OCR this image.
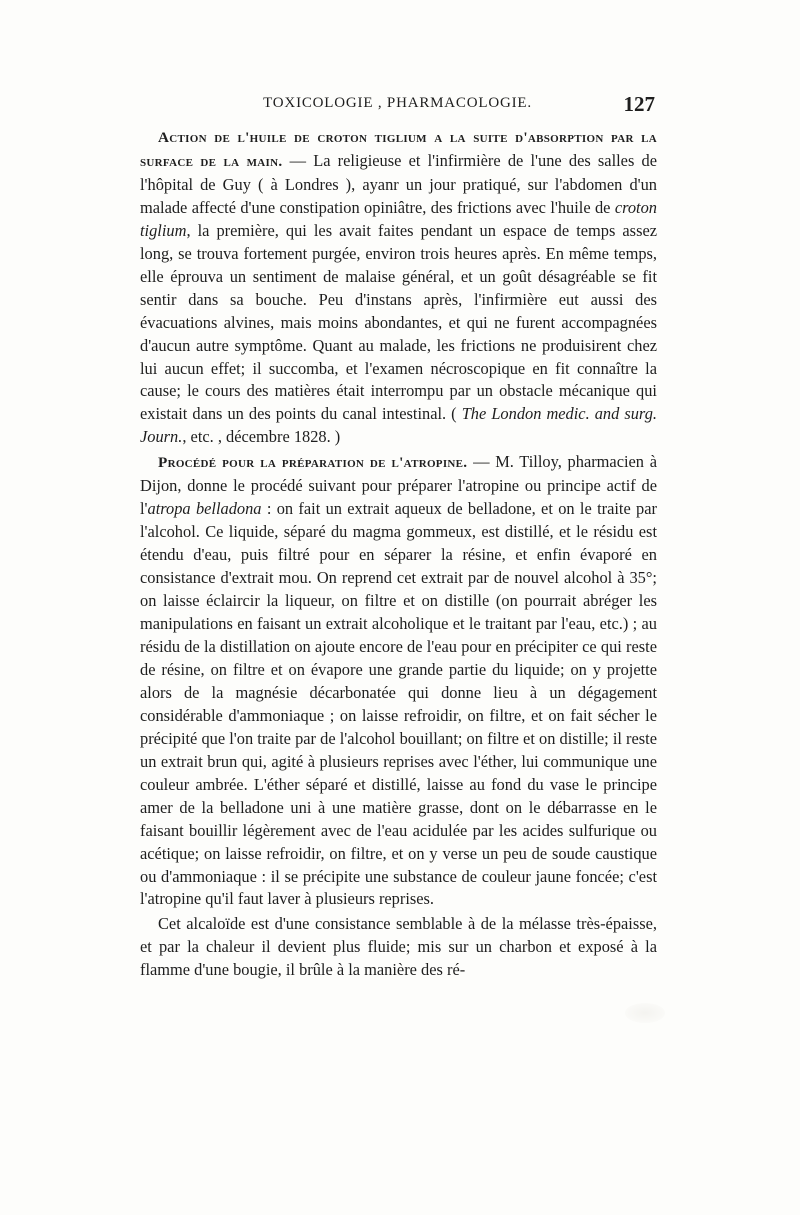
TOXICOLOGIE , PHARMACOLOGIE.	127

Action de l'huile de croton tiglium a la suite d'absorption par la surface de la main. — La religieuse et l'infirmière de l'une des salles de l'hôpital de Guy ( à Londres ), ayanr un jour pratiqué, sur l'abdomen d'un malade affecté d'une constipation opiniâtre, des frictions avec l'huile de croton tiglium, la première, qui les avait faites pendant un espace de temps assez long, se trouva fortement purgée, environ trois heures après. En même temps, elle éprouva un sentiment de malaise général, et un goût désagréable se fit sentir dans sa bouche. Peu d'instans après, l'infirmière eut aussi des évacuations alvines, mais moins abondantes, et qui ne furent accompagnées d'aucun autre symptôme. Quant au malade, les frictions ne produisirent chez lui aucun effet; il succomba, et l'examen nécroscopique en fit connaître la cause; le cours des matières était interrompu par un obstacle mécanique qui existait dans un des points du canal intestinal. ( The London medic. and surg. Journ., etc. , décembre 1828. )

Procédé pour la préparation de l'atropine. — M. Tilloy, pharmacien à Dijon, donne le procédé suivant pour préparer l'atropine ou principe actif de l'atropa belladona : on fait un extrait aqueux de belladone, et on le traite par l'alcohol. Ce liquide, séparé du magma gommeux, est distillé, et le résidu est étendu d'eau, puis filtré pour en séparer la résine, et enfin évaporé en consistance d'extrait mou. On reprend cet extrait par de nouvel alcohol à 35°; on laisse éclaircir la liqueur, on filtre et on distille (on pourrait abréger les manipulations en faisant un extrait alcoholique et le traitant par l'eau, etc.) ; au résidu de la distillation on ajoute encore de l'eau pour en précipiter ce qui reste de résine, on filtre et on évapore une grande partie du liquide; on y projette alors de la magnésie décarbonatée qui donne lieu à un dégagement considérable d'ammoniaque ; on laisse refroidir, on filtre, et on fait sécher le précipité que l'on traite par de l'alcohol bouillant; on filtre et on distille; il reste un extrait brun qui, agité à plusieurs reprises avec l'éther, lui communique une couleur ambrée. L'éther séparé et distillé, laisse au fond du vase le principe amer de la belladone uni à une matière grasse, dont on le débarrasse en le faisant bouillir légèrement avec de l'eau acidulée par les acides sulfurique ou acétique; on laisse refroidir, on filtre, et on y verse un peu de soude caustique ou d'ammoniaque : il se précipite une substance de couleur jaune foncée; c'est l'atropine qu'il faut laver à plusieurs reprises.

Cet alcaloïde est d'une consistance semblable à de la mélasse très-épaisse, et par la chaleur il devient plus fluide; mis sur un charbon et exposé à la flamme d'une bougie, il brûle à la manière des ré-
